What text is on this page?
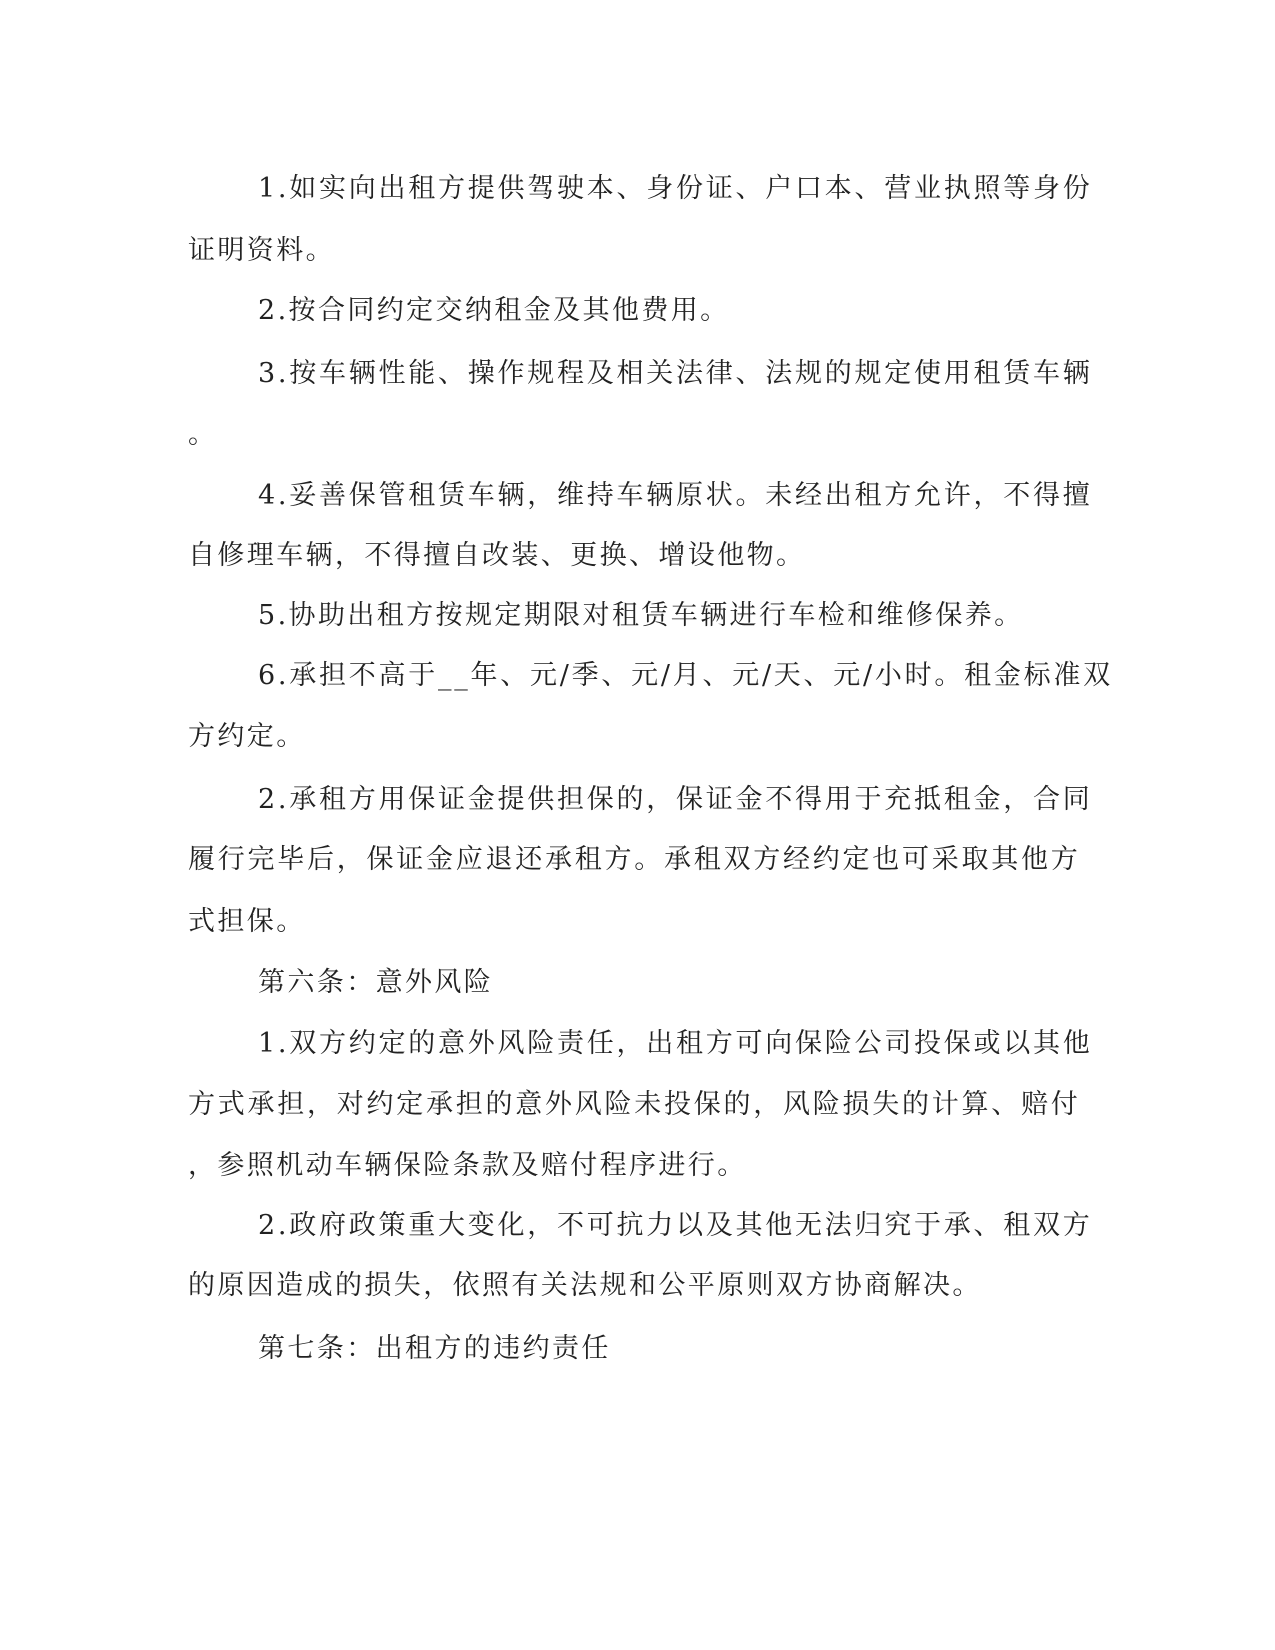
1.如实向出租方提供驾驶本、身份证、户口本、营业执照等身份
证明资料。
2.按合同约定交纳租金及其他费用。
3.按车辆性能、操作规程及相关法律、法规的规定使用租赁车辆
。
4.妥善保管租赁车辆，维持车辆原状。未经出租方允许，不得擅
自修理车辆，不得擅自改装、更换、增设他物。
5.协助出租方按规定期限对租赁车辆进行车检和维修保养。
6.承担不高于__年、元/季、元/月、元/天、元/小时。租金标准双
方约定。
2.承租方用保证金提供担保的，保证金不得用于充抵租金，合同
履行完毕后，保证金应退还承租方。承租双方经约定也可采取其他方
式担保。
第六条：意外风险
1.双方约定的意外风险责任，出租方可向保险公司投保或以其他
方式承担，对约定承担的意外风险未投保的，风险损失的计算、赔付
，参照机动车辆保险条款及赔付程序进行。
2.政府政策重大变化，不可抗力以及其他无法归究于承、租双方
的原因造成的损失，依照有关法规和公平原则双方协商解决。
第七条：出租方的违约责任
